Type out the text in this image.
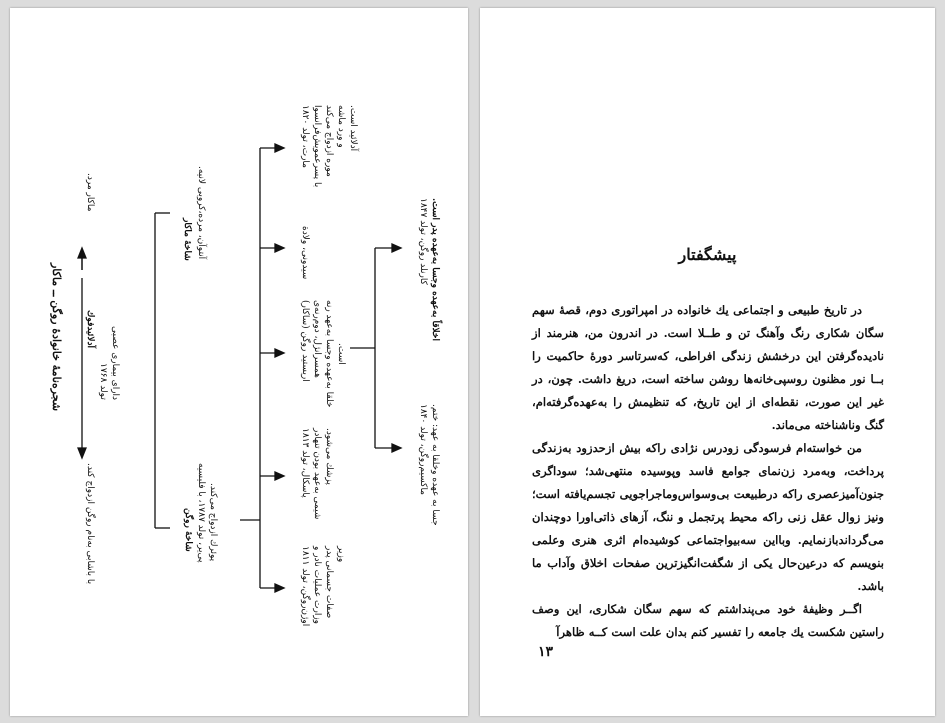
شجره‌نامهٔ خانوادهٔ روگن ــ ماکار
ماکار مرد.
آدلائید‌فوك
تولد ۱۷۶۸ دارای بیماری عصبی
با باشابی به‌نام روگن ازدواج کند.
شاخهٔ ماکار آنتوآن، مرده،کروبی لانیه.
شاخهٔ روگن
پی‌یر، تولد ۱۷۸۷، با فلیسیه پوئرك ازدواج می‌کند.
مارت، تولد ۱۸۲۰ با پسرعمویش‌فرانسوا موره ازدواج می‌کند و ورد ماشه آدلائید است.
سیدونی، ولادة
اریستید روگن (ساکار) همسرانژل، دوم‌رنه‌ی خلقا بەعهده وجسا بەعهد رنه است.
پاسکال، تولد ۱۸۱۳ شیمی به‌عهد بودن تنهادر پزشك می‌شود.
اوژن‌روگن، تولد ۱۸۱۱ وزارت عملیات نادر و صفات جسمانی‌ پدر وزیر
کارنلد روگن، تولد ۱۸۴۷ اخلاقاً بەعهده وجسا بەعهده پدر است.
ماکسیم‌روگن، تولد ۱۸۴۰ جسا به عهده وخلقا به عهد: ختم.
پیشگفتار

در تاریخ طبیعی و اجتماعی یك خانواده در امپراتوری دوم، قصهٔ سهم سگان شکاری رنگ وآهنگ تن و طــلا است. در اندرون من، هنرمند از نادیده‌گرفتن این درخشش زندگی افراطی، که‌سرتاسر دورهٔ حاکمیت را بــا نور مظنون روسپی‌خانه‌ها روشن ساخته است، دریغ داشت. چون، در غیر این صورت، نقطه‌ای از این تاریخ، که تنظیمش را به‌عهده‌گرفته‌ام، گنگ وناشناخته می‌ماند.

من خواسته‌ام فرسودگی زودرس نژادی راکه بیش ازحدزود بەزندگی پرداخت، وبەمرد زن‌نمای جوامع فاسد وپوسیده منتهی‌شد؛ سوداگری جنون‌آمیزعصری راکه درطبیعت بی‌وسواس‌وماجراجویی تجسم‌یافته است؛ ونیز زوال عقل زنی راکه محیط پرتجمل و ننگ، آزهای ذاتی‌اورا دوچندان می‌گرداندبازنمایم. وبااین سه‌بیواجتماعی کوشیده‌ام اثری هنری وعلمی بنویسم که درعین‌حال یکی از شگفت‌انگیزترین صفحات اخلاق وآداب ما باشد.

اگــر وظیفهٔ خود می‌پنداشتم که سهم سگان شکاری، این وصف راستین شکست یك جامعه را تفسیر کنم بدان علت است کــه ظاهرآ

۱۳
